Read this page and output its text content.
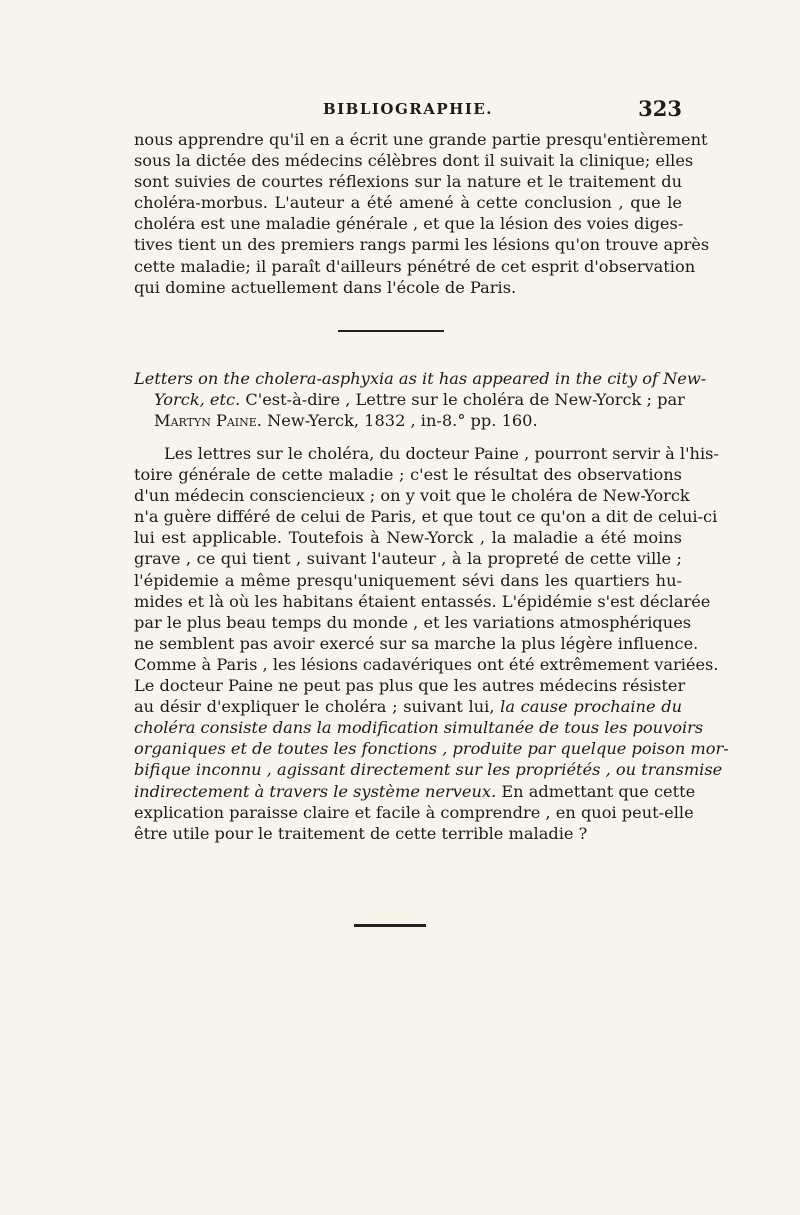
BIBLIOGRAPHIE.	323
nous apprendre qu'il en a écrit une grande partie presqu'entièrement
sous la dictée des médecins célèbres dont il suivait la clinique; elles
sont suivies de courtes réflexions sur la nature et le traitement du
choléra-morbus. L'auteur a été amené à cette conclusion , que le
choléra est une maladie générale , et que la lésion des voies diges-
tives tient un des premiers rangs parmi les lésions qu'on trouve après
cette maladie; il paraît d'ailleurs pénétré de cet esprit d'observation
qui domine actuellement dans l'école de Paris.
Letters on the cholera-asphyxia as it has appeared in the city of New-
Yorck, etc. C'est-à-dire , Lettre sur le choléra de New-Yorck ; par
Martyn Paine. New-Yerck, 1832 , in-8.° pp. 160.
Les lettres sur le choléra, du docteur Paine , pourront servir à l'his-
toire générale de cette maladie ; c'est le résultat des observations
d'un médecin consciencieux ; on y voit que le choléra de New-Yorck
n'a guère différé de celui de Paris, et que tout ce qu'on a dit de celui-ci
lui est applicable. Toutefois à New-Yorck , la maladie a été moins
grave , ce qui tient , suivant l'auteur , à la propreté de cette ville ;
l'épidemie a même presqu'uniquement sévi dans les quartiers hu-
mides et là où les habitans étaient entassés. L'épidémie s'est déclarée
par le plus beau temps du monde , et les variations atmosphériques
ne semblent pas avoir exercé sur sa marche la plus légère influence.
Comme à Paris , les lésions cadavériques ont été extrêmement variées.
Le docteur Paine ne peut pas plus que les autres médecins résister
au désir d'expliquer le choléra ; suivant lui, la cause prochaine du
choléra consiste dans la modification simultanée de tous les pouvoirs
organiques et de toutes les fonctions , produite par quelque poison mor-
bifique inconnu , agissant directement sur les propriétés , ou transmise
indirectement à travers le système nerveux. En admettant que cette
explication paraisse claire et facile à comprendre , en quoi peut-elle
être utile pour le traitement de cette terrible maladie ?
